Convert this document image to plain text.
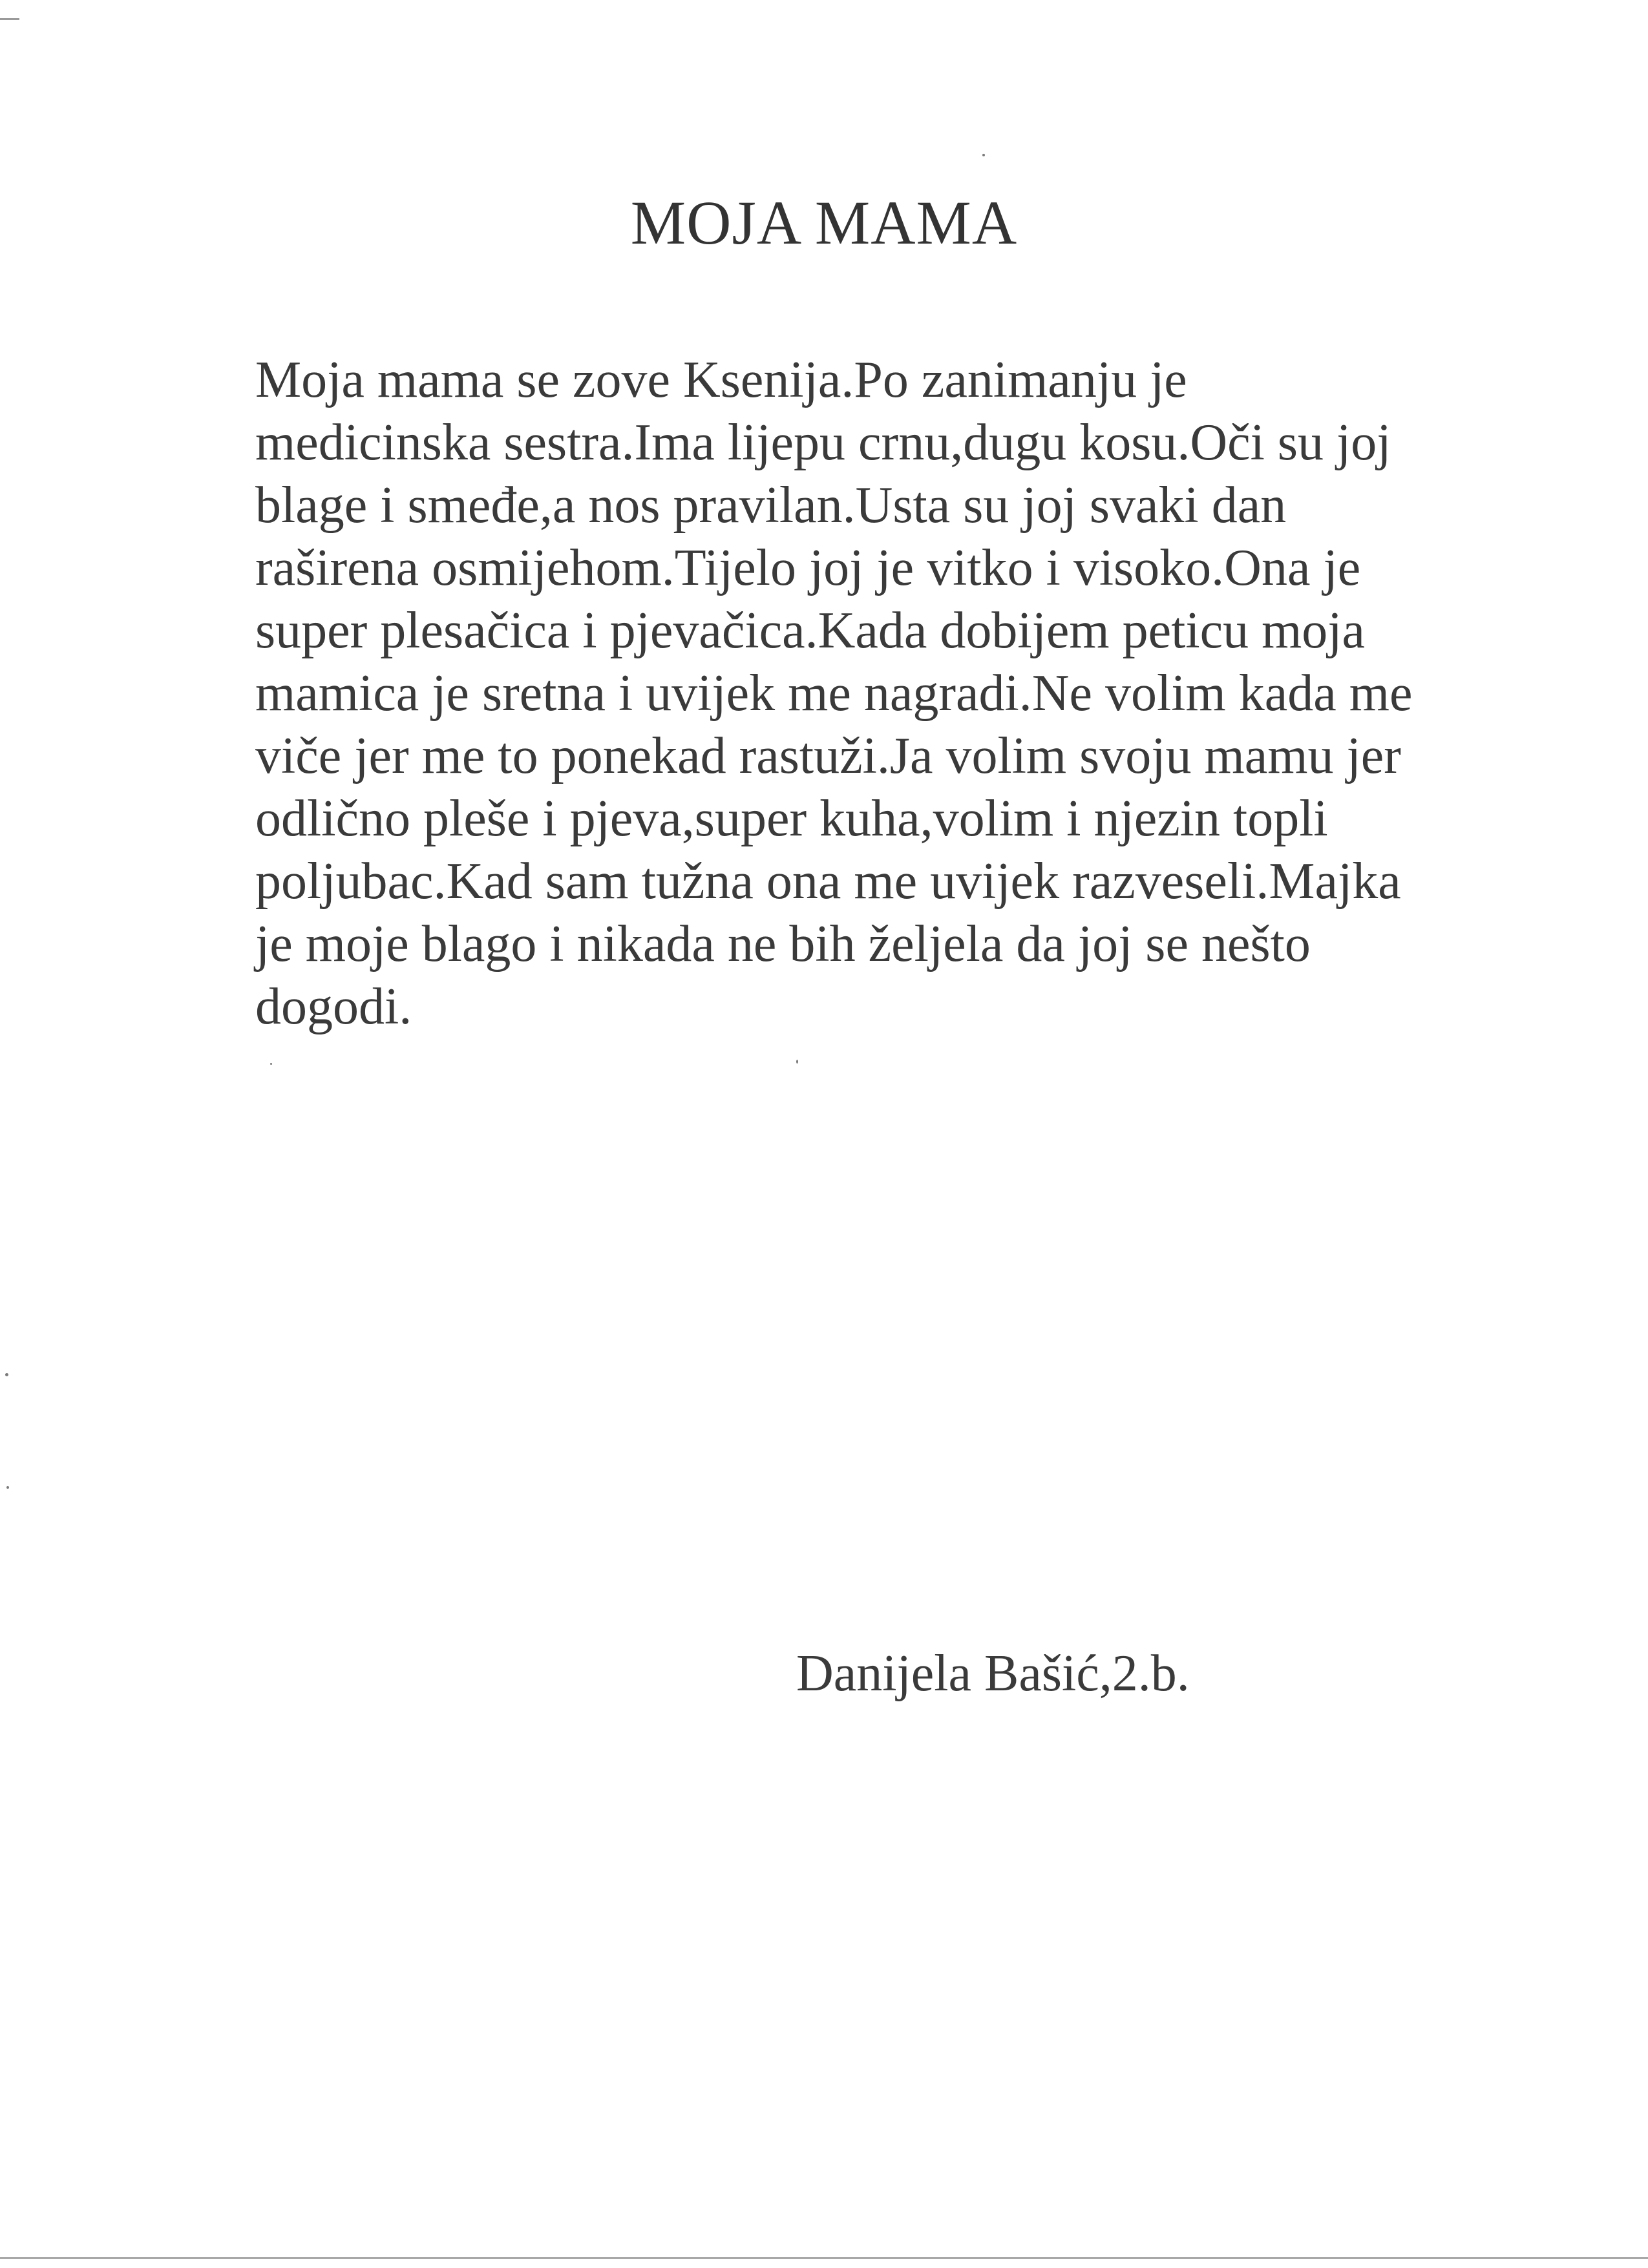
MOJA MAMA
Moja mama se zove Ksenija.Po zanimanju je
medicinska sestra.Ima lijepu crnu,dugu kosu.Oči su joj
blage i smeđe,a nos pravilan.Usta su joj svaki dan
raširena osmijehom.Tijelo joj je vitko i visoko.Ona je
super plesačica i pjevačica.Kada dobijem peticu moja
mamica je sretna i uvijek me nagradi.Ne volim kada me
viče jer me to ponekad rastuži.Ja volim svoju mamu jer
odlično pleše i pjeva,super kuha,volim i njezin topli
poljubac.Kad sam tužna ona me uvijek razveseli.Majka
je moje blago i nikada ne bih željela da joj se nešto
dogodi.
Danijela Bašić,2.b.
